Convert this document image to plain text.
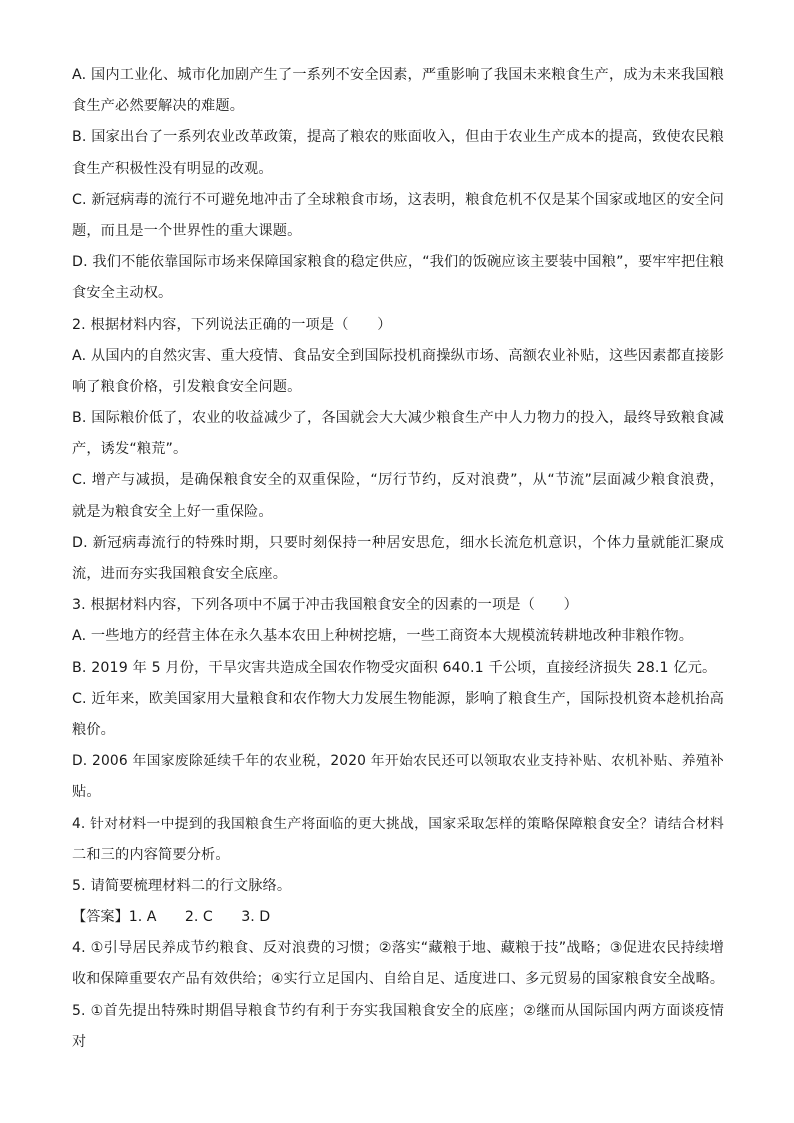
A. 国内工业化、城市化加剧产生了一系列不安全因素，严重影响了我国未来粮食生产，成为未来我国粮
食生产必然要解决的难题。
B. 国家出台了一系列农业改革政策，提高了粮农的账面收入，但由于农业生产成本的提高，致使农民粮
食生产积极性没有明显的改观。
C. 新冠病毒的流行不可避免地冲击了全球粮食市场，这表明，粮食危机不仅是某个国家或地区的安全问
题，而且是一个世界性的重大课题。
D. 我们不能依靠国际市场来保障国家粮食的稳定供应，“我们的饭碗应该主要装中国粮”，要牢牢把住粮
食安全主动权。
2. 根据材料内容，下列说法正确的一项是（　　）
A. 从国内的自然灾害、重大疫情、食品安全到国际投机商操纵市场、高额农业补贴，这些因素都直接影
响了粮食价格，引发粮食安全问题。
B. 国际粮价低了，农业的收益减少了，各国就会大大减少粮食生产中人力物力的投入，最终导致粮食减
产，诱发“粮荒”。
C. 增产与减损，是确保粮食安全的双重保险，“厉行节约，反对浪费”，从“节流”层面减少粮食浪费，
就是为粮食安全上好一重保险。
D. 新冠病毒流行的特殊时期，只要时刻保持一种居安思危，细水长流危机意识，个体力量就能汇聚成
流，进而夯实我国粮食安全底座。
3. 根据材料内容，下列各项中不属于冲击我国粮食安全的因素的一项是（　　）
A. 一些地方的经营主体在永久基本农田上种树挖塘，一些工商资本大规模流转耕地改种非粮作物。
B. 2019 年 5 月份，干旱灾害共造成全国农作物受灾面积 640.1 千公顷，直接经济损失 28.1 亿元。
C. 近年来，欧美国家用大量粮食和农作物大力发展生物能源，影响了粮食生产，国际投机资本趁机抬高
粮价。
D. 2006 年国家废除延续千年的农业税，2020 年开始农民还可以领取农业支持补贴、农机补贴、养殖补
贴。
4. 针对材料一中提到的我国粮食生产将面临的更大挑战，国家采取怎样的策略保障粮食安全？请结合材料
二和三的内容简要分析。
5. 请简要梳理材料二的行文脉络。
【答案】1. A　　2. C　　3. D
4. ①引导居民养成节约粮食、反对浪费的习惯；②落实“藏粮于地、藏粮于技”战略；③促进农民持续增
收和保障重要农产品有效供给；④实行立足国内、自给自足、适度进口、多元贸易的国家粮食安全战略。
5. ①首先提出特殊时期倡导粮食节约有利于夯实我国粮食安全的底座；②继而从国际国内两方面谈疫情对
